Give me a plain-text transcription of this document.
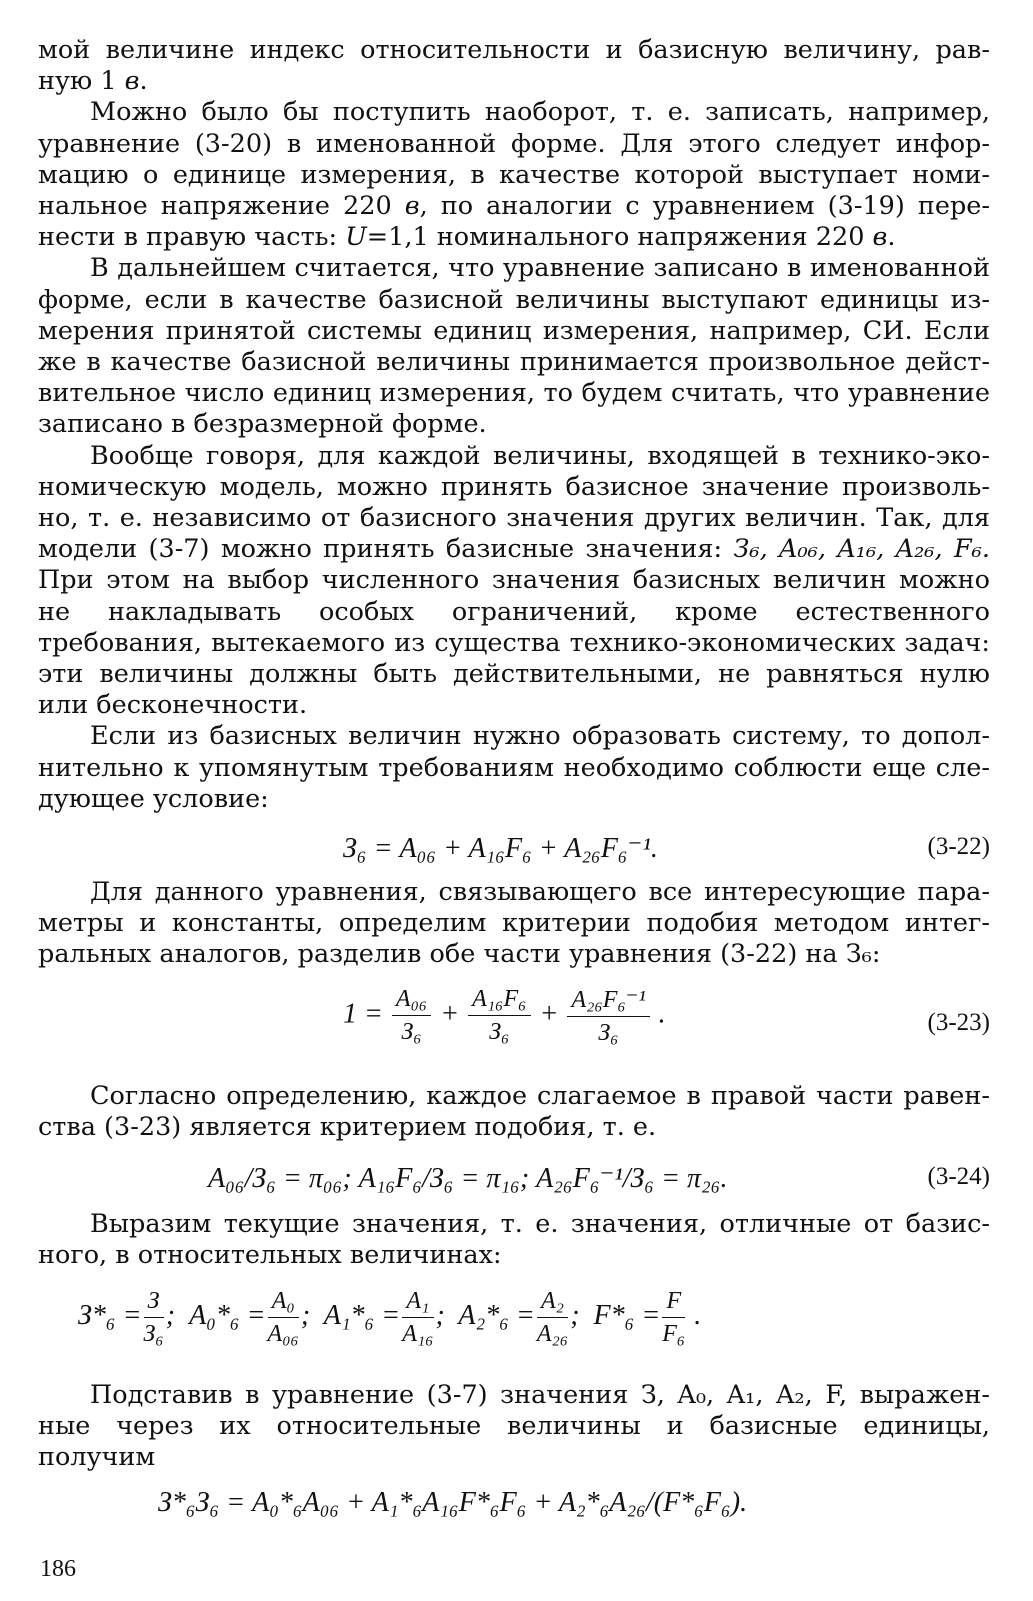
мой величине индекс относительности и базисную величину, рав-ную 1 в.

Можно было бы поступить наоборот, т. е. записать, например, уравнение (3-20) в именованной форме. Для этого следует инфор-мацию о единице измерения, в качестве которой выступает номи-нальное напряжение 220 в, по аналогии с уравнением (3-19) пере-нести в правую часть: U=1,1 номинального напряжения 220 в.

В дальнейшем считается, что уравнение записано в именованной форме, если в качестве базисной величины выступают единицы из-мерения принятой системы единиц измерения, например, СИ. Если же в качестве базисной величины принимается произвольное дейст-вительное число единиц измерения, то будем считать, что уравнение записано в безразмерной форме.

Вообще говоря, для каждой величины, входящей в технико-эко-номическую модель, можно принять базисное значение произволь-но, т. е. независимо от базисного значения других величин. Так, для модели (3-7) можно принять базисные значения: З₆, A₀₆, A₁₆, A₂₆, F₆. При этом на выбор численного значения базисных величин можно не накладывать особых ограничений, кроме естественного требования, вытекаемого из существа технико-экономических задач: эти величины должны быть действительными, не равняться нулю или бесконечности.

Если из базисных величин нужно образовать систему, то допол-нительно к упомянутым требованиям необходимо соблюсти еще сле-дующее условие:

З₆ = A₀₆ + A₁₆F₆ + A₂₆F₆⁻¹.	(3-22)

Для данного уравнения, связывающего все интересующие пара-метры и константы, определим критерии подобия методом интег-ральных аналогов, разделив обе части уравнения (3-22) на З₆:

$1 = \frac{\text{A₀₆}}{\text{З₆}} + \frac{\text{A₁₆F₆}}{\text{З₆}} + \frac{\text{A₂₆F₆⁻¹}}{\text{З₆}}$ .	(3-23)

Согласно определению, каждое слагаемое в правой части равен-ства (3-23) является критерием подобия, т. е.

A₀₆/З₆ = π₀₆; A₁₆F₆/З₆ = π₁₆; A₂₆F₆⁻¹/З₆ = π₂₆.	(3-24)

Выразим текущие значения, т. е. значения, отличные от базис-ного, в относительных величинах:

$З*_6 = \frac{З}{\text{З₆}}$ ; $A_0*_6 = \frac{\text{A₀}}{\text{A₀₆}}$ ; $A_1*_6 = \frac{\text{A₁}}{\text{A₁₆}}$ ; $A_2*_6 = \frac{\text{A₂}}{\text{A₂₆}}$ ; $F*_6 = \frac{F}{\text{F₆}}$ .

Подставив в уравнение (3-7) значения З, A₀, A₁, A₂, F, выражен-ные через их относительные величины и базисные единицы, получим

З*₆З₆ = A₀*₆A₀₆ + A₁*₆A₁₆F*₆F₆ + A₂*₆A₂₆/(F*₆F₆).
186
